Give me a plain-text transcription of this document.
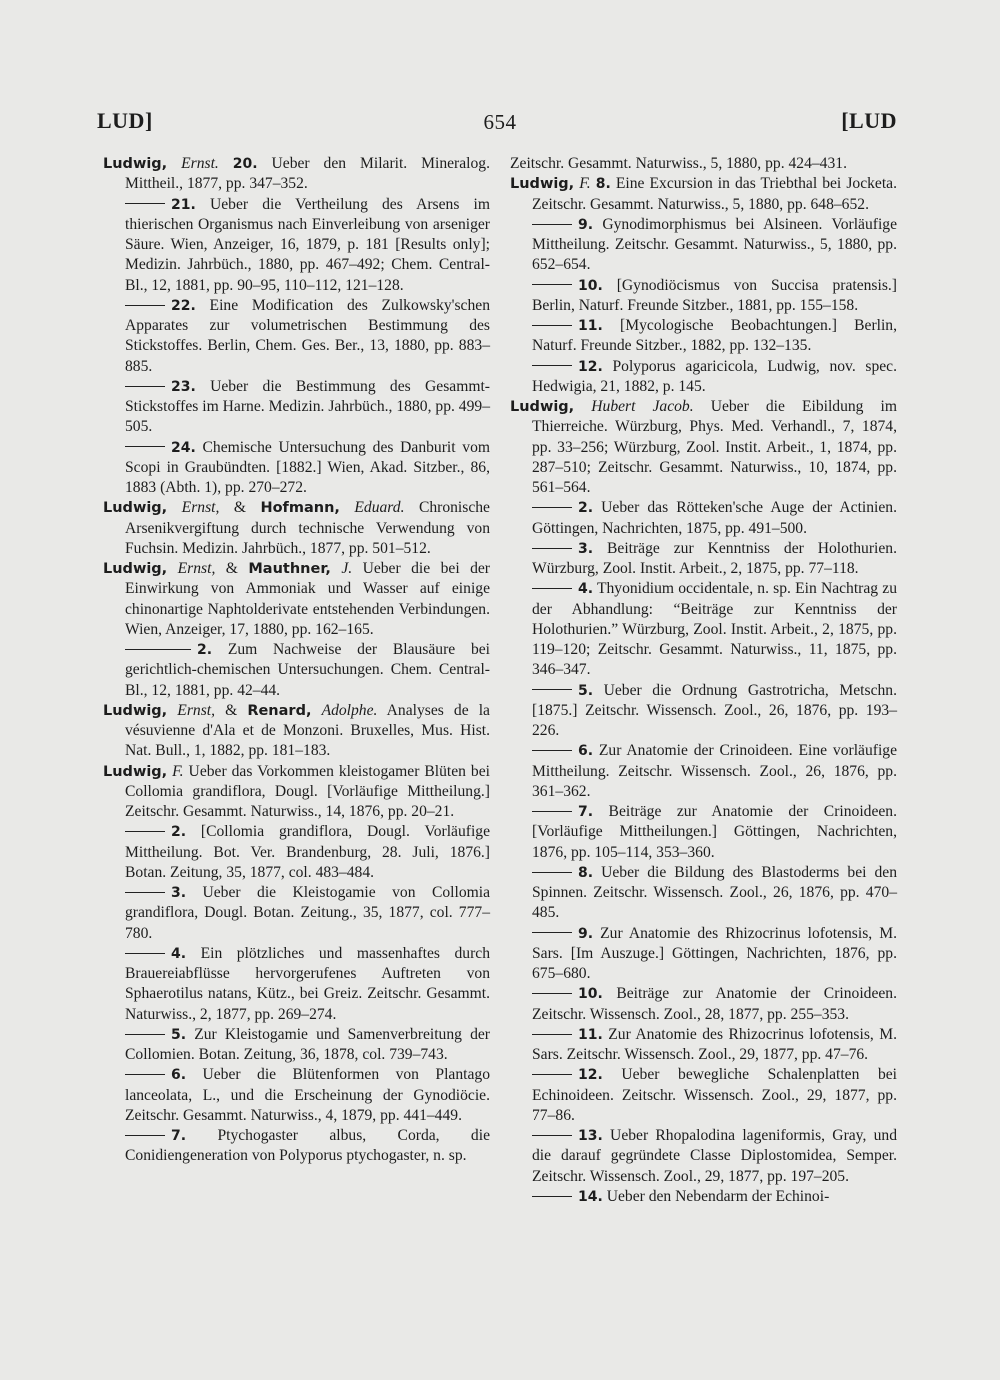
LUD]	654	[LUD

Ludwig, Ernst. 20. Ueber den Milarit. Mineralog. Mittheil., 1877, pp. 347–352.

21. Ueber die Vertheilung des Arsens im thierischen Organismus nach Einverleibung von arseniger Säure. Wien, Anzeiger, 16, 1879, p. 181 [Results only]; Medizin. Jahrbüch., 1880, pp. 467–492; Chem. Central-Bl., 12, 1881, pp. 90–95, 110–112, 121–128.

22. Eine Modification des Zulkowsky'schen Apparates zur volumetrischen Bestimmung des Stickstoffes. Berlin, Chem. Ges. Ber., 13, 1880, pp. 883–885.

23. Ueber die Bestimmung des Gesammt-Stickstoffes im Harne. Medizin. Jahrbüch., 1880, pp. 499–505.

24. Chemische Untersuchung des Danburit vom Scopi in Graubündten. [1882.] Wien, Akad. Sitzber., 86, 1883 (Abth. 1), pp. 270–272.

Ludwig, Ernst, & Hofmann, Eduard. Chronische Arsenikvergiftung durch technische Verwendung von Fuchsin. Medizin. Jahrbüch., 1877, pp. 501–512.

Ludwig, Ernst, & Mauthner, J. Ueber die bei der Einwirkung von Ammoniak und Wasser auf einige chinonartige Naphtolderivate entstehenden Verbindungen. Wien, Anzeiger, 17, 1880, pp. 162–165.

2. Zum Nachweise der Blausäure bei gerichtlich-chemischen Untersuchungen. Chem. Central-Bl., 12, 1881, pp. 42–44.

Ludwig, Ernst, & Renard, Adolphe. Analyses de la vésuvienne d'Ala et de Monzoni. Bruxelles, Mus. Hist. Nat. Bull., 1, 1882, pp. 181–183.

Ludwig, F. Ueber das Vorkommen kleistogamer Blüten bei Collomia grandiflora, Dougl. [Vorläufige Mittheilung.] Zeitschr. Gesammt. Naturwiss., 14, 1876, pp. 20–21.

2. [Collomia grandiflora, Dougl. Vorläufige Mittheilung. Bot. Ver. Brandenburg, 28. Juli, 1876.] Botan. Zeitung, 35, 1877, col. 483–484.

3. Ueber die Kleistogamie von Collomia grandiflora, Dougl. Botan. Zeitung., 35, 1877, col. 777–780.

4. Ein plötzliches und massenhaftes durch Brauereiabflüsse hervorgerufenes Auftreten von Sphaerotilus natans, Kütz., bei Greiz. Zeitschr. Gesammt. Naturwiss., 2, 1877, pp. 269–274.

5. Zur Kleistogamie und Samenverbreitung der Collomien. Botan. Zeitung, 36, 1878, col. 739–743.

6. Ueber die Blütenformen von Plantago lanceolata, L., und die Erscheinung der Gynodiöcie. Zeitschr. Gesammt. Naturwiss., 4, 1879, pp. 441–449.

7. Ptychogaster albus, Corda, die Conidiengeneration von Polyporus ptychogaster, n. sp.

Zeitschr. Gesammt. Naturwiss., 5, 1880, pp. 424–431.

Ludwig, F. 8. Eine Excursion in das Triebthal bei Jocketa. Zeitschr. Gesammt. Naturwiss., 5, 1880, pp. 648–652.

9. Gynodimorphismus bei Alsineen. Vorläufige Mittheilung. Zeitschr. Gesammt. Naturwiss., 5, 1880, pp. 652–654.

10. [Gynodiöcismus von Succisa pratensis.] Berlin, Naturf. Freunde Sitzber., 1881, pp. 155–158.

11. [Mycologische Beobachtungen.] Berlin, Naturf. Freunde Sitzber., 1882, pp. 132–135.

12. Polyporus agaricicola, Ludwig, nov. spec. Hedwigia, 21, 1882, p. 145.

Ludwig, Hubert Jacob. Ueber die Eibildung im Thierreiche. Würzburg, Phys. Med. Verhandl., 7, 1874, pp. 33–256; Würzburg, Zool. Instit. Arbeit., 1, 1874, pp. 287–510; Zeitschr. Gesammt. Naturwiss., 10, 1874, pp. 561–564.

2. Ueber das Rötteken'sche Auge der Actinien. Göttingen, Nachrichten, 1875, pp. 491–500.

3. Beiträge zur Kenntniss der Holothurien. Würzburg, Zool. Instit. Arbeit., 2, 1875, pp. 77–118.

4. Thyonidium occidentale, n. sp. Ein Nachtrag zu der Abhandlung: “Beiträge zur Kenntniss der Holothurien.” Würzburg, Zool. Instit. Arbeit., 2, 1875, pp. 119–120; Zeitschr. Gesammt. Naturwiss., 11, 1875, pp. 346–347.

5. Ueber die Ordnung Gastrotricha, Metschn. [1875.] Zeitschr. Wissensch. Zool., 26, 1876, pp. 193–226.

6. Zur Anatomie der Crinoideen. Eine vorläufige Mittheilung. Zeitschr. Wissensch. Zool., 26, 1876, pp. 361–362.

7. Beiträge zur Anatomie der Crinoideen. [Vorläufige Mittheilungen.] Göttingen, Nachrichten, 1876, pp. 105–114, 353–360.

8. Ueber die Bildung des Blastoderms bei den Spinnen. Zeitschr. Wissensch. Zool., 26, 1876, pp. 470–485.

9. Zur Anatomie des Rhizocrinus lofotensis, M. Sars. [Im Auszuge.] Göttingen, Nachrichten, 1876, pp. 675–680.

10. Beiträge zur Anatomie der Crinoideen. Zeitschr. Wissensch. Zool., 28, 1877, pp. 255–353.

11. Zur Anatomie des Rhizocrinus lofotensis, M. Sars. Zeitschr. Wissensch. Zool., 29, 1877, pp. 47–76.

12. Ueber bewegliche Schalenplatten bei Echinoideen. Zeitschr. Wissensch. Zool., 29, 1877, pp. 77–86.

13. Ueber Rhopalodina lageniformis, Gray, und die darauf gegründete Classe Diplostomidea, Semper. Zeitschr. Wissensch. Zool., 29, 1877, pp. 197–205.

14. Ueber den Nebendarm der Echinoi-
